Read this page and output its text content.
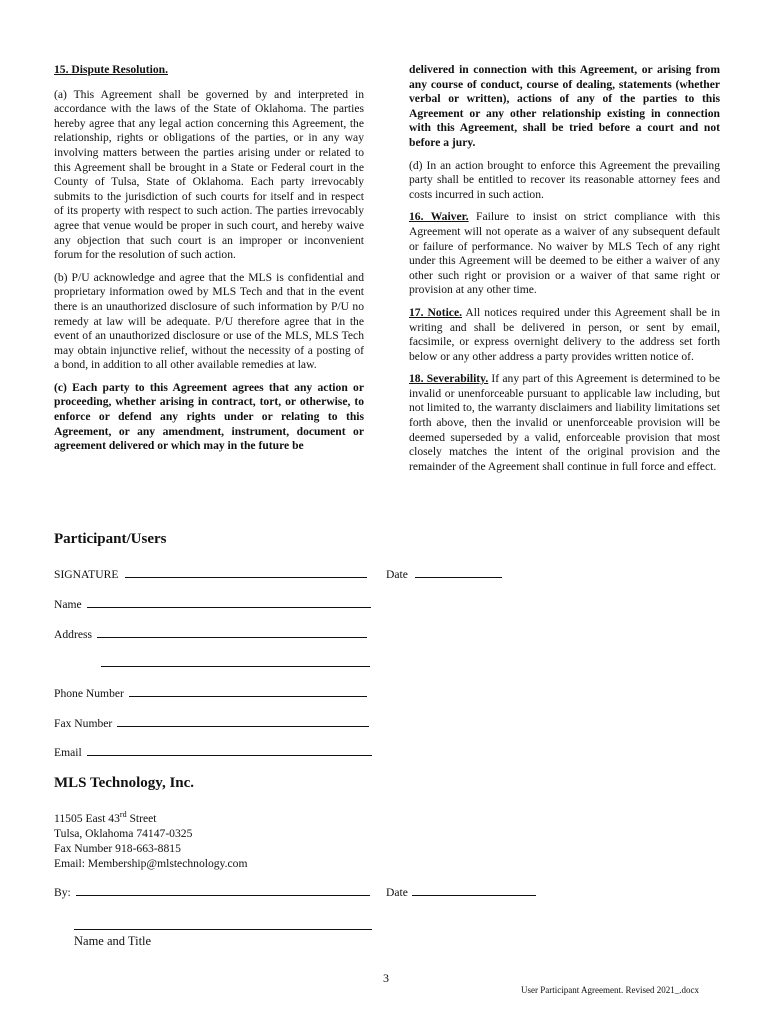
15. Dispute Resolution.

(a) This Agreement shall be governed by and interpreted in accordance with the laws of the State of Oklahoma. The parties hereby agree that any legal action concerning this Agreement, the relationship, rights or obligations of the parties, or in any way involving matters between the parties arising under or related to this Agreement shall be brought in a State or Federal court in the County of Tulsa, State of Oklahoma. Each party irrevocably submits to the jurisdiction of such courts for itself and in respect of its property with respect to such action. The parties irrevocably agree that venue would be proper in such court, and hereby waive any objection that such court is an improper or inconvenient forum for the resolution of such action.

(b) P/U acknowledge and agree that the MLS is confidential and proprietary information owed by MLS Tech and that in the event there is an unauthorized disclosure of such information by P/U no remedy at law will be adequate. P/U therefore agree that in the event of an unauthorized disclosure or use of the MLS, MLS Tech may obtain injunctive relief, without the necessity of a posting of a bond, in addition to all other available remedies at law.

(c) Each party to this Agreement agrees that any action or proceeding, whether arising in contract, tort, or otherwise, to enforce or defend any rights under or relating to this Agreement, or any amendment, instrument, document or agreement delivered or which may in the future be

delivered in connection with this Agreement, or arising from any course of conduct, course of dealing, statements (whether verbal or written), actions of any of the parties to this Agreement or any other relationship existing in connection with this Agreement, shall be tried before a court and not before a jury.

(d) In an action brought to enforce this Agreement the prevailing party shall be entitled to recover its reasonable attorney fees and costs incurred in such action.

16. Waiver. Failure to insist on strict compliance with this Agreement will not operate as a waiver of any subsequent default or failure of performance. No waiver by MLS Tech of any right under this Agreement will be deemed to be either a waiver of any other such right or provision or a waiver of that same right or provision at any other time.

17. Notice. All notices required under this Agreement shall be in writing and shall be delivered in person, or sent by email, facsimile, or express overnight delivery to the address set forth below or any other address a party provides written notice of.

18. Severability. If any part of this Agreement is determined to be invalid or unenforceable pursuant to applicable law including, but not limited to, the warranty disclaimers and liability limitations set forth above, then the invalid or unenforceable provision will be deemed superseded by a valid, enforceable provision that most closely matches the intent of the original provision and the remainder of the Agreement shall continue in full force and effect.

Participant/Users
SIGNATURE	Date
Name
Address
Phone Number
Fax Number
Email
MLS Technology, Inc.
11505 East 43rd Street
Tulsa, Oklahoma 74147-0325
Fax Number 918-663-8815
Email: Membership@mlstechnology.com
By:	Date
Name and Title
3
User Participant Agreement. Revised 2021_.docx
